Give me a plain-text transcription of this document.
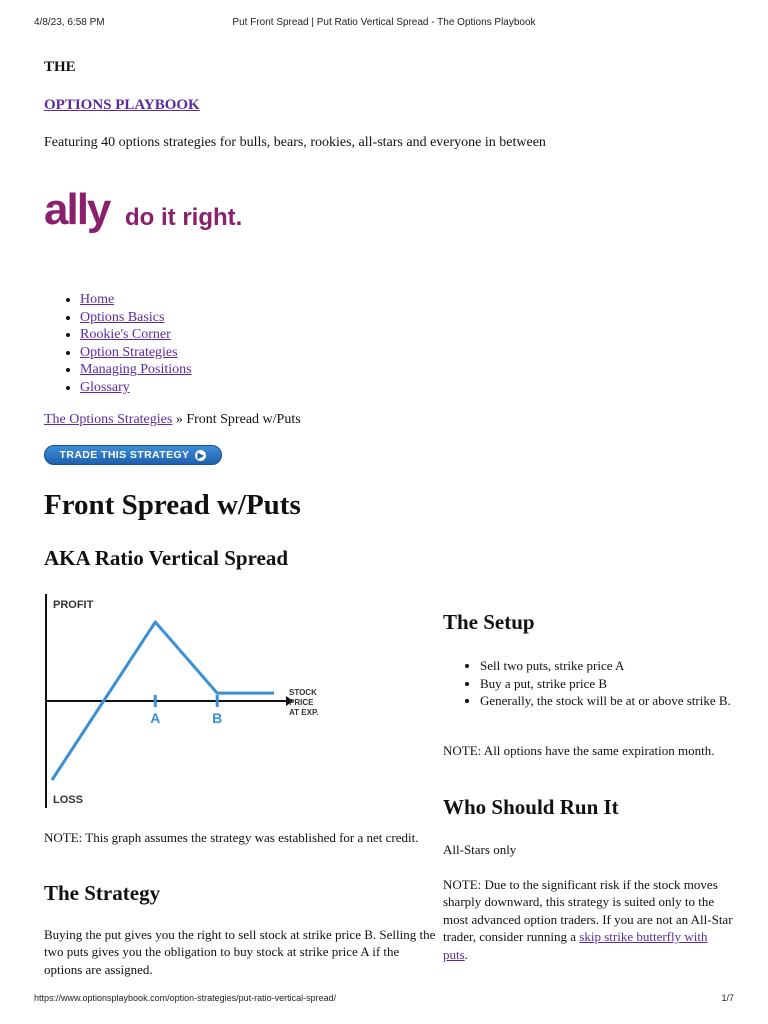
4/8/23, 6:58 PM	Put Front Spread | Put Ratio Vertical Spread - The Options Playbook
THE
OPTIONS PLAYBOOK
Featuring 40 options strategies for bulls, bears, rookies, all-stars and everyone in between
ally do it right.
• Home
• Options Basics
• Rookie's Corner
• Option Strategies
• Managing Positions
• Glossary
The Options Strategies » Front Spread w/Puts
TRADE THIS STRATEGY ▶
Front Spread w/Puts
AKA Ratio Vertical Spread
PROFIT
LOSS
STOCK
PRICE
AT EXP.
A	B
NOTE: This graph assumes the strategy was established for a net credit.
The Strategy
Buying the put gives you the right to sell stock at strike price B. Selling the two puts gives you the obligation to buy stock at strike price A if the options are assigned.
The Setup
• Sell two puts, strike price A
• Buy a put, strike price B
• Generally, the stock will be at or above strike B.
NOTE: All options have the same expiration month.
Who Should Run It
All-Stars only
NOTE: Due to the significant risk if the stock moves sharply downward, this strategy is suited only to the most advanced option traders. If you are not an All-Star trader, consider running a skip strike butterfly with puts.
https://www.optionsplaybook.com/option-strategies/put-ratio-vertical-spread/	1/7
